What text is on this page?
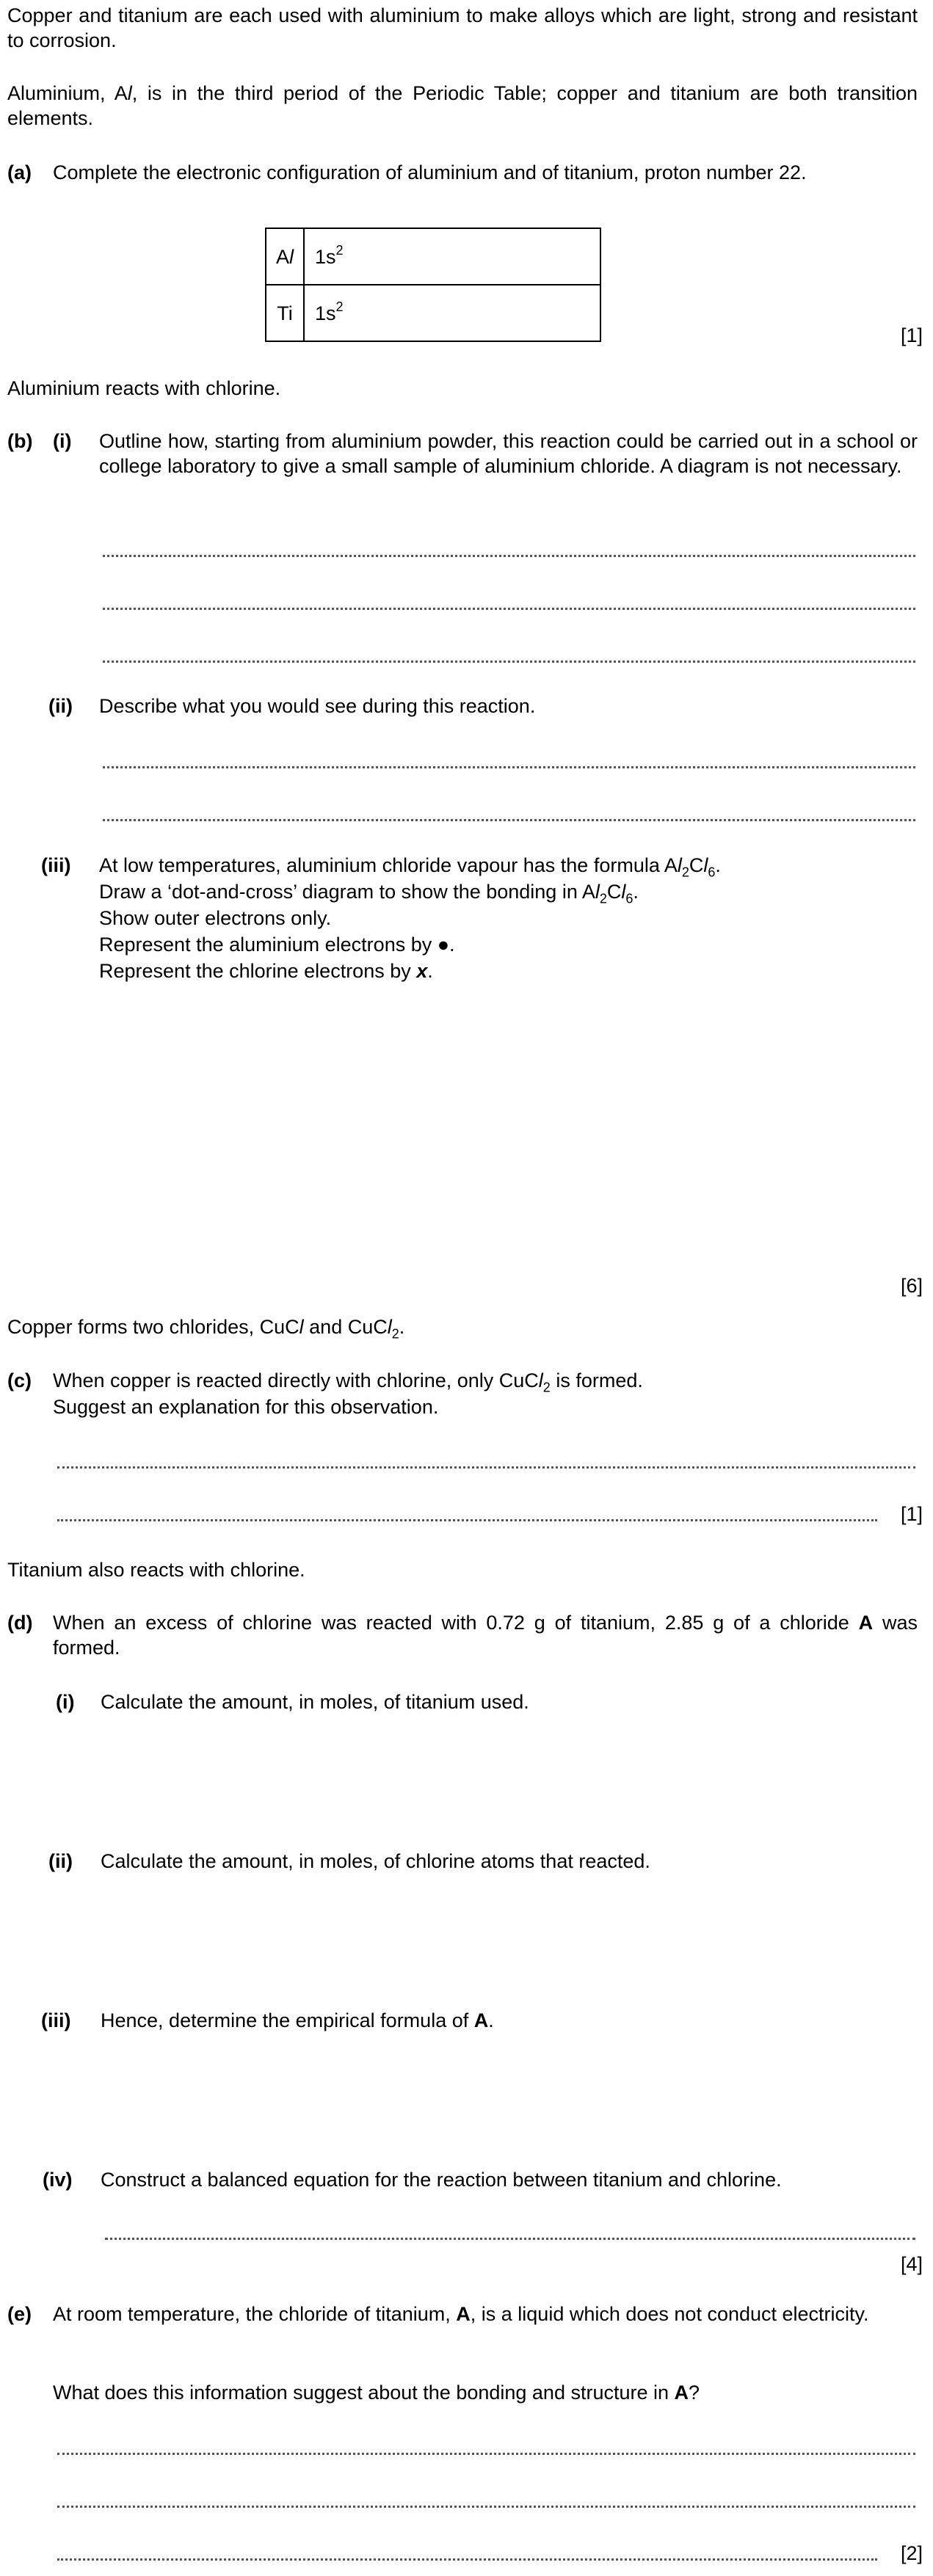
Copper and titanium are each used with aluminium to make alloys which are light, strong and resistant to corrosion.

Aluminium, Al, is in the third period of the Periodic Table; copper and titanium are both transition elements.

(a) Complete the electronic configuration of aluminium and of titanium, proton number 22.
Al	$1s^2$
Ti	$1s^2$
[1]
Aluminium reacts with chlorine.
(b) (i) Outline how, starting from aluminium powder, this reaction could be carried out in a school or college laboratory to give a small sample of aluminium chloride. A diagram is not necessary.

(ii) Describe what you would see during this reaction.
(iii) At low temperatures, aluminium chloride vapour has the formula $Al_2Cl_6$.
Draw a ‘dot-and-cross’ diagram to show the bonding in $Al_2Cl_6$.
Show outer electrons only.
Represent the aluminium electrons by ●.
Represent the chlorine electrons by x.
[6]
Copper forms two chlorides, CuCl and CuCl$_2$.
(c) When copper is reacted directly with chlorine, only CuCl$_2$ is formed.
Suggest an explanation for this observation.
[1]
Titanium also reacts with chlorine.
(d) When an excess of chlorine was reacted with 0.72 g of titanium, 2.85 g of a chloride A was formed.

(i) Calculate the amount, in moles, of titanium used.
(ii) Calculate the amount, in moles, of chlorine atoms that reacted.
(iii) Hence, determine the empirical formula of A.
(iv) Construct a balanced equation for the reaction between titanium and chlorine.
[4]
(e) At room temperature, the chloride of titanium, A, is a liquid which does not conduct electricity.

What does this information suggest about the bonding and structure in A?
[2]
